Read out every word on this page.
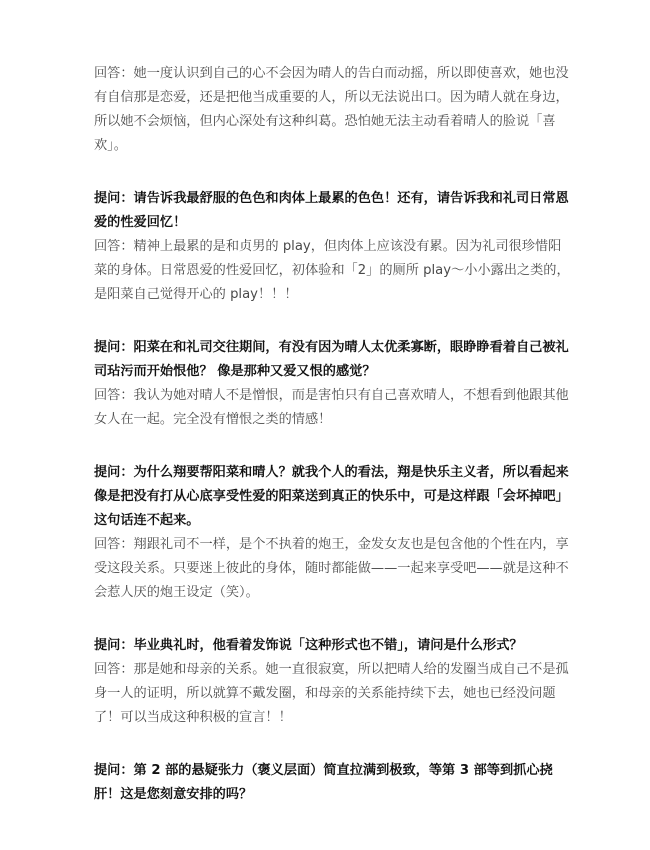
回答：她一度认识到自己的心不会因为晴人的告白而动摇，所以即使喜欢，她也没有自信那是恋爱，还是把他当成重要的人，所以无法说出口。因为晴人就在身边，所以她不会烦恼，但内心深处有这种纠葛。恐怕她无法主动看着晴人的脸说「喜欢」。

提问：请告诉我最舒服的色色和肉体上最累的色色！还有，请告诉我和礼司日常恩爱的性爱回忆！

回答：精神上最累的是和贞男的 play，但肉体上应该没有累。因为礼司很珍惜阳菜的身体。日常恩爱的性爱回忆，初体验和「2」的厕所 play～小小露出之类的，是阳菜自己觉得开心的 play！！！

提问：阳菜在和礼司交往期间，有没有因为晴人太优柔寡断，眼睁睁看着自己被礼司玷污而开始恨他？ 像是那种又爱又恨的感觉？

回答：我认为她对晴人不是憎恨，而是害怕只有自己喜欢晴人，不想看到他跟其他女人在一起。完全没有憎恨之类的情感！

提问：为什么翔要帮阳菜和晴人？就我个人的看法，翔是快乐主义者，所以看起来像是把没有打从心底享受性爱的阳菜送到真正的快乐中，可是这样跟「会坏掉吧」这句话连不起来。

回答：翔跟礼司不一样，是个不执着的炮王，金发女友也是包含他的个性在内，享受这段关系。只要迷上彼此的身体，随时都能做——一起来享受吧——就是这种不会惹人厌的炮王设定（笑）。

提问：毕业典礼时，他看着发饰说「这种形式也不错」，请问是什么形式？

回答：那是她和母亲的关系。她一直很寂寞，所以把晴人给的发圈当成自己不是孤身一人的证明，所以就算不戴发圈，和母亲的关系能持续下去，她也已经没问题了！可以当成这种积极的宣言！！

提问：第 2 部的悬疑张力（褒义层面）简直拉满到极致，等第 3 部等到抓心挠肝！这是您刻意安排的吗？
